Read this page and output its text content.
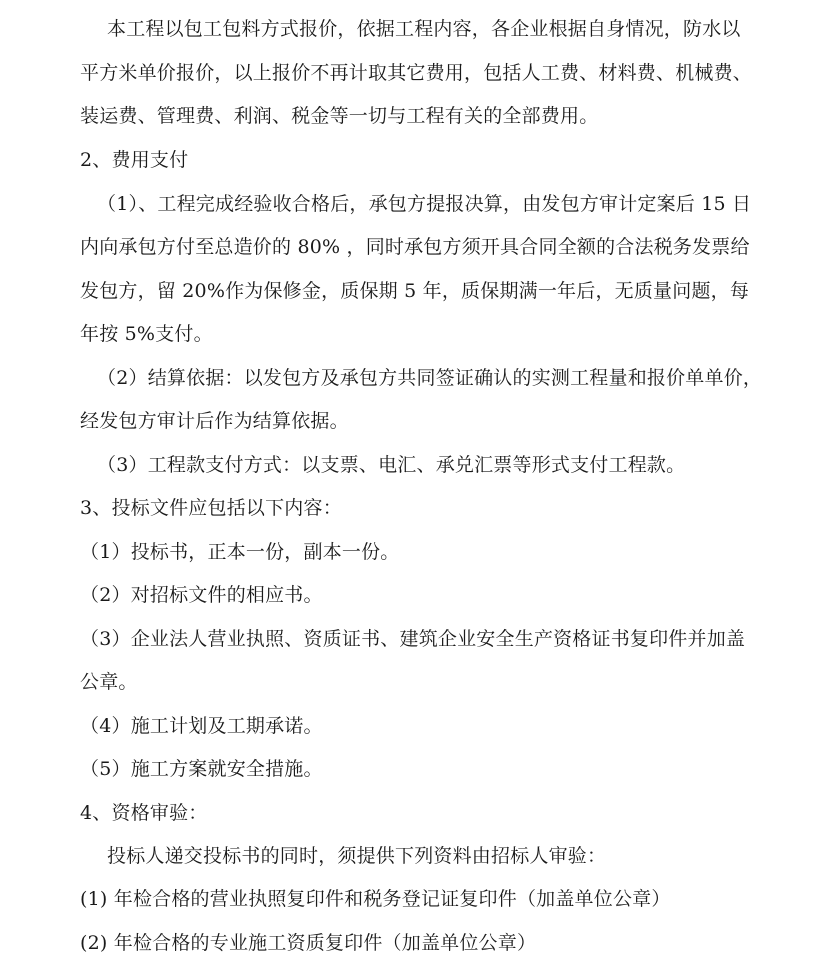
本工程以包工包料方式报价，依据工程内容，各企业根据自身情况，防水以
平方米单价报价，以上报价不再计取其它费用，包括人工费、材料费、机械费、
装运费、管理费、利润、税金等一切与工程有关的全部费用。
2、费用支付
（1）、工程完成经验收合格后，承包方提报决算，由发包方审计定案后 15 日
内向承包方付至总造价的 80% ，同时承包方须开具合同全额的合法税务发票给
发包方，留 20%作为保修金，质保期 5 年，质保期满一年后，无质量问题，每
年按 5%支付。
（2）结算依据：以发包方及承包方共同签证确认的实测工程量和报价单单价，
经发包方审计后作为结算依据。
（3）工程款支付方式：以支票、电汇、承兑汇票等形式支付工程款。
3、投标文件应包括以下内容：
（1）投标书，正本一份，副本一份。
（2）对招标文件的相应书。
（3）企业法人营业执照、资质证书、建筑企业安全生产资格证书复印件并加盖
公章。
（4）施工计划及工期承诺。
（5）施工方案就安全措施。
4、资格审验：
投标人递交投标书的同时，须提供下列资料由招标人审验：
(1) 年检合格的营业执照复印件和税务登记证复印件（加盖单位公章）
(2) 年检合格的专业施工资质复印件（加盖单位公章）
